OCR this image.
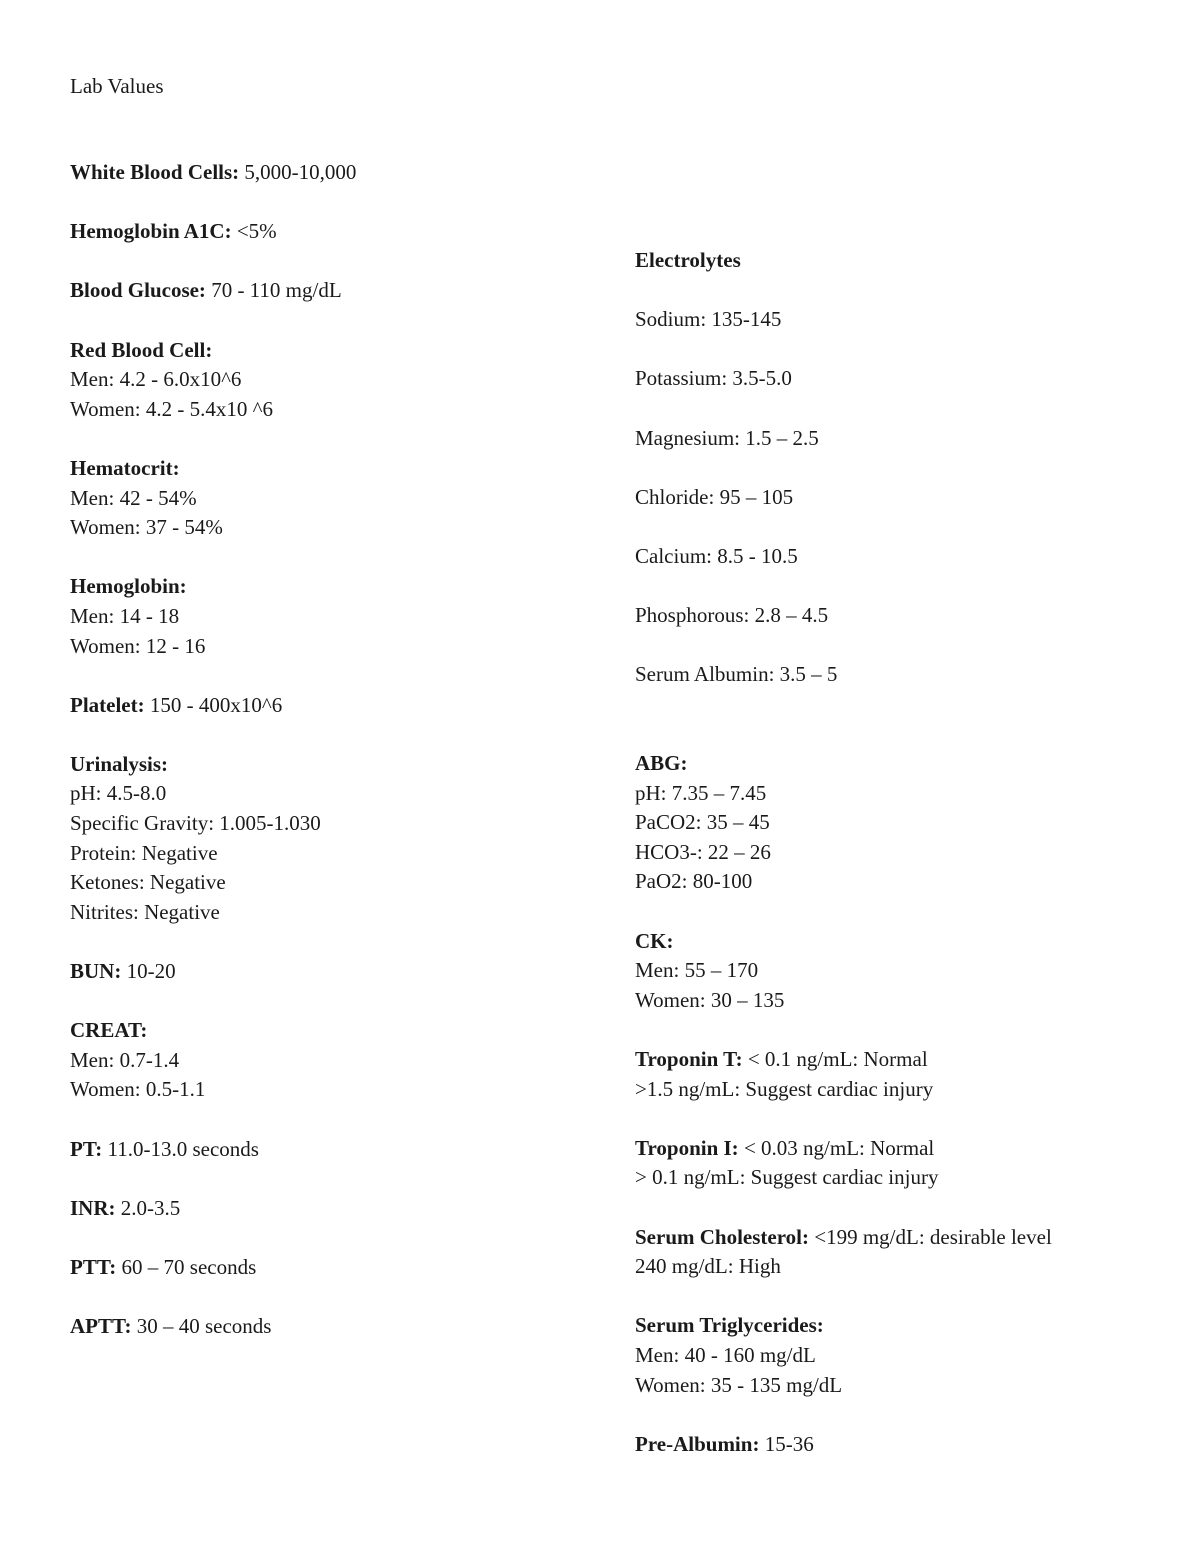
Lab Values

White Blood Cells: 5,000-10,000

Hemoglobin A1C: <5%

Blood Glucose: 70 - 110 mg/dL

Red Blood Cell:
Men: 4.2 - 6.0x10^6
Women: 4.2 - 5.4x10 ^6

Hematocrit:
Men: 42 - 54%
Women: 37 - 54%

Hemoglobin:
Men: 14 - 18
Women: 12 - 16

Platelet: 150 - 400x10^6

Urinalysis:
pH: 4.5-8.0
Specific Gravity: 1.005-1.030
Protein: Negative
Ketones: Negative
Nitrites: Negative

BUN: 10-20

CREAT:
Men: 0.7-1.4
Women: 0.5-1.1

PT: 11.0-13.0 seconds

INR: 2.0-3.5

PTT: 60 – 70 seconds

APTT: 30 – 40 seconds

Electrolytes

Sodium: 135-145

Potassium: 3.5-5.0

Magnesium: 1.5 – 2.5

Chloride: 95 – 105

Calcium: 8.5 - 10.5

Phosphorous: 2.8 – 4.5

Serum Albumin: 3.5 – 5

ABG:
pH: 7.35 – 7.45
PaCO2: 35 – 45
HCO3-: 22 – 26
PaO2: 80-100

CK:
Men: 55 – 170
Women: 30 – 135

Troponin T: < 0.1 ng/mL: Normal
>1.5 ng/mL: Suggest cardiac injury

Troponin I: < 0.03 ng/mL: Normal
> 0.1 ng/mL: Suggest cardiac injury

Serum Cholesterol: <199 mg/dL: desirable level
240 mg/dL: High

Serum Triglycerides:
Men: 40 - 160 mg/dL
Women: 35 - 135 mg/dL

Pre-Albumin: 15-36
